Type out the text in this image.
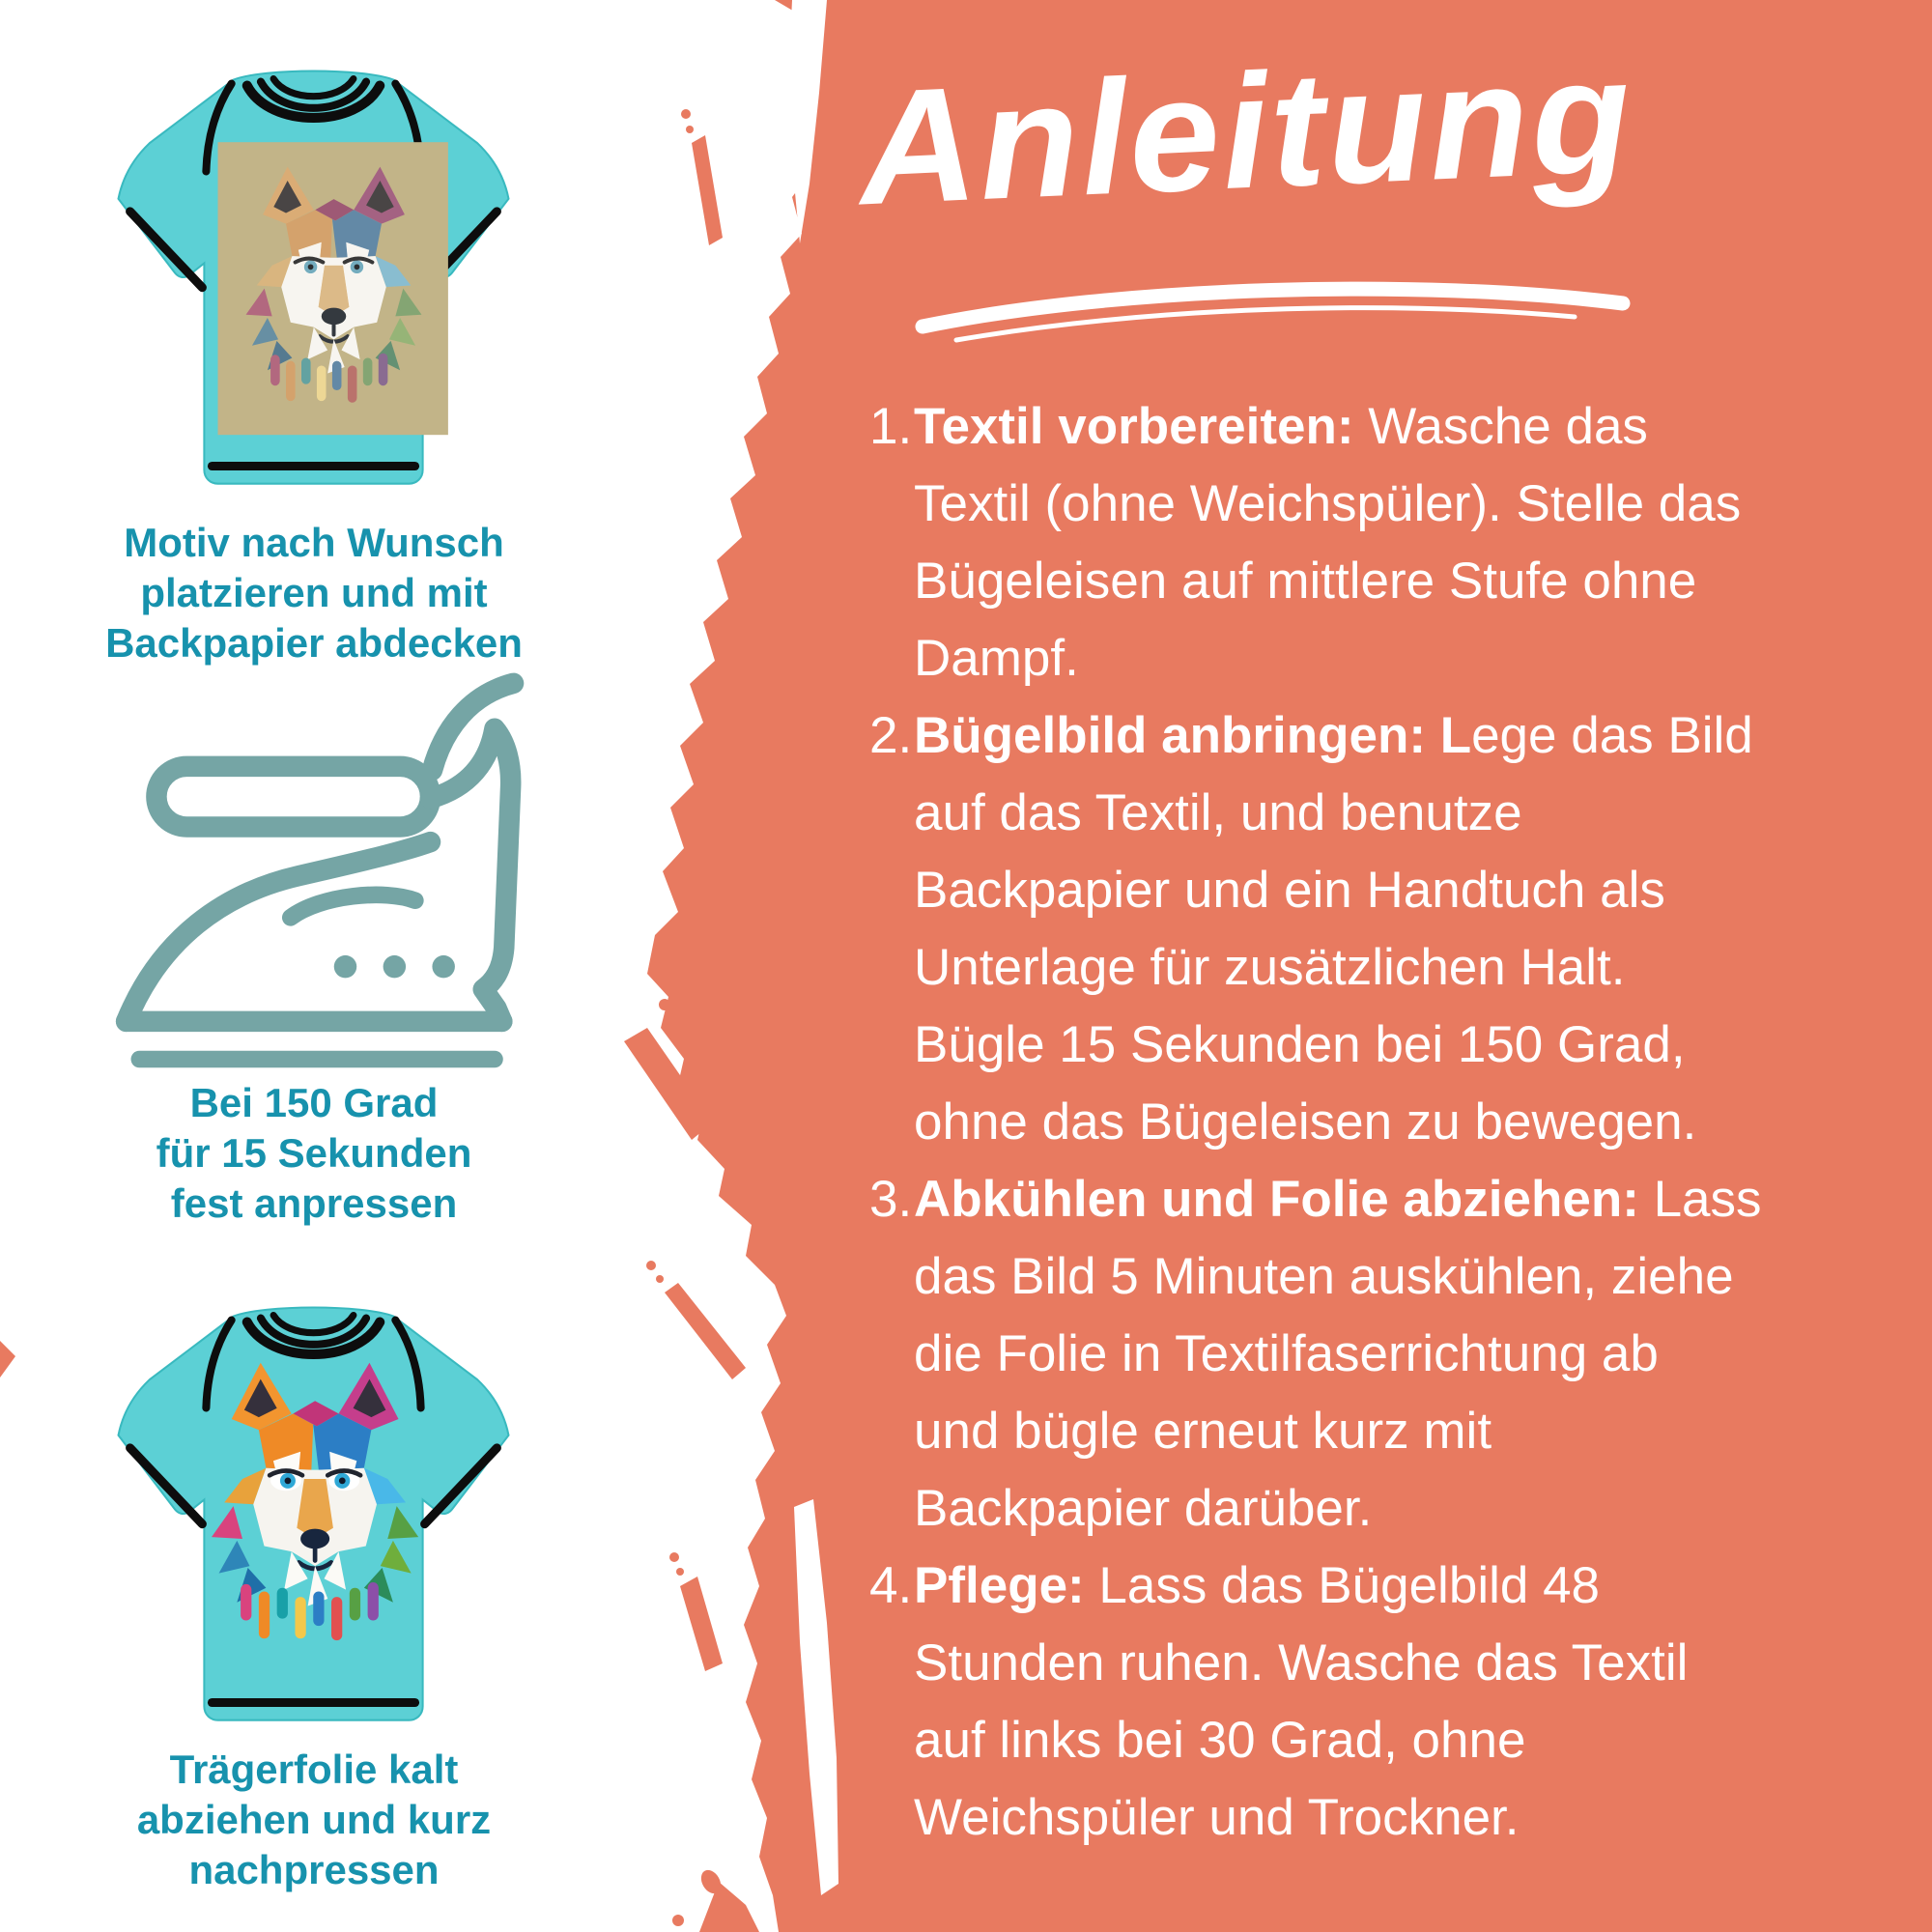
Anleitung
1. Textil vorbereiten: Wasche das
Textil (ohne Weichspüler). Stelle das
Bügeleisen auf mittlere Stufe ohne
Dampf.
2. Bügelbild anbringen: Lege das Bild
auf das Textil, und benutze
Backpapier und ein Handtuch als
Unterlage für zusätzlichen Halt.
Bügle 15 Sekunden bei 150 Grad,
ohne das Bügeleisen zu bewegen.
3. Abkühlen und Folie abziehen: Lass
das Bild 5 Minuten auskühlen, ziehe
die Folie in Textilfaserrichtung ab
und bügle erneut kurz mit
Backpapier darüber.
4. Pflege: Lass das Bügelbild 48
Stunden ruhen. Wasche das Textil
auf links bei 30 Grad, ohne
Weichspüler und Trockner.
Motiv nach Wunsch
platzieren und mit
Backpapier abdecken
Bei 150 Grad
für 15 Sekunden
fest anpressen
Trägerfolie kalt
abziehen und kurz
nachpressen
